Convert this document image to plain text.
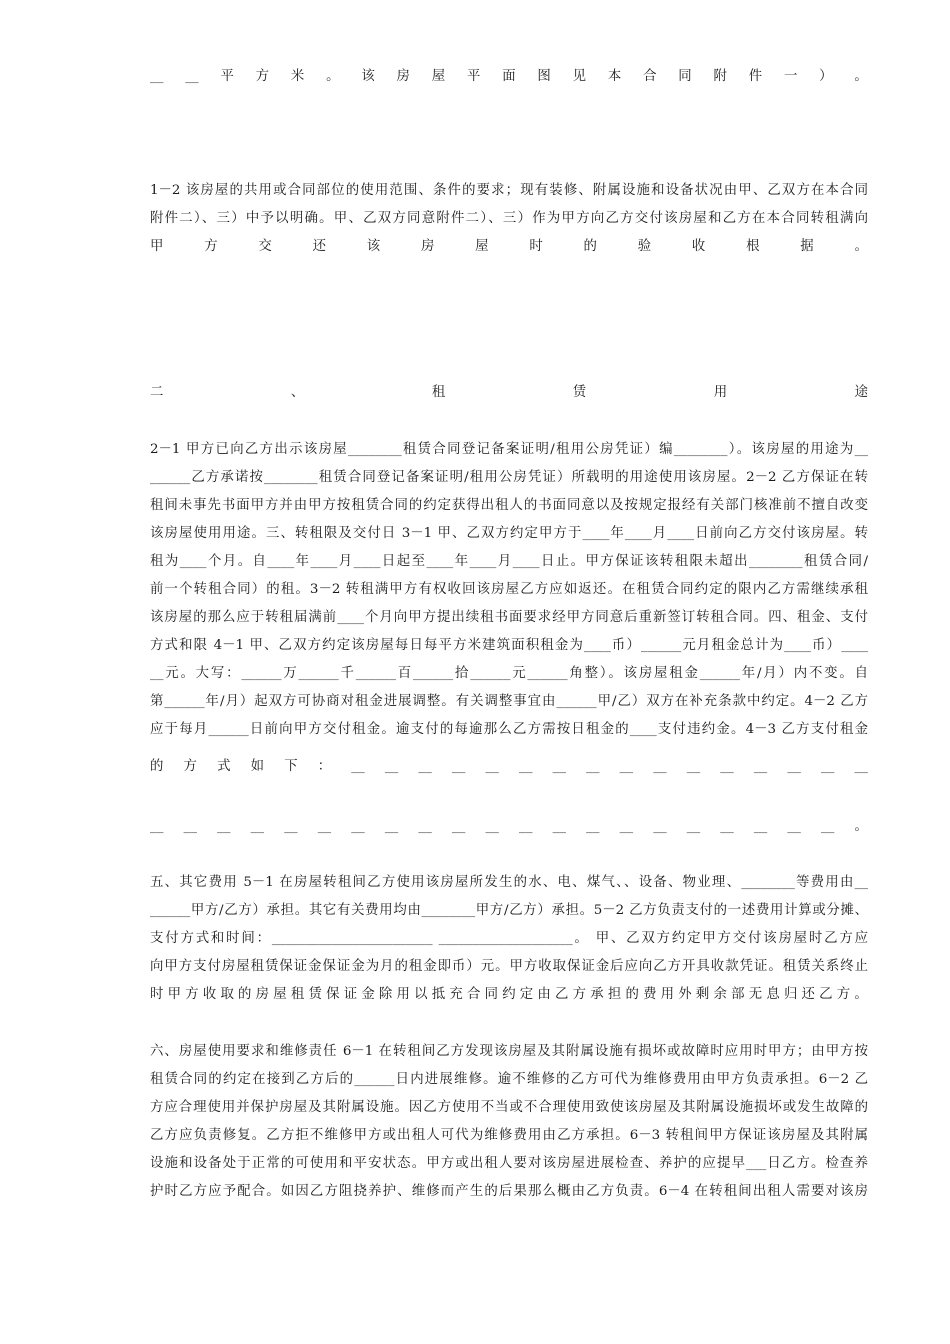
__ __ 平 方 米 。 该 房 屋 平 面 图 见 本 合 同 附 件 一 ） 。
甲	方	交	还	该	房	屋	时	的	验	收	根	据	。
二	、	租	赁	用	途
的 方 式 如 下 ： __ __ __ __ __ __ __ __ __ __ __ __ __ __ __ __
__ __ __ __ __ __ __ __ __ __ __ __ __ __ __ __ __ __ __ __ __ 。
时 甲 方 收 取 的 房 屋 租 赁 保 证 金 除 用 以 抵 充 合 同 约 定 由 乙 方 承 担 的 费 用 外 剩 余 部 无 息 归 还 乙 方 。
1－2 该房屋的共用或合同部位的使用范围、条件的要求；现有装修、附属设施和设备状况由甲、乙双方在本合同
附件二）、三）中予以明确。甲、乙双方同意附件二）、三）作为甲方向乙方交付该房屋和乙方在本合同转租满向
2－1 甲方已向乙方出示该房屋________租赁合同登记备案证明/租用公房凭证）编________）。该房屋的用途为__
______乙方承诺按________租赁合同登记备案证明/租用公房凭证）所载明的用途使用该房屋。2－2 乙方保证在转
租间未事先书面甲方并由甲方按租赁合同的约定获得出租人的书面同意以及按规定报经有关部门核准前不擅自改变
该房屋使用用途。三、转租限及交付日 3－1 甲、乙双方约定甲方于____年____月____日前向乙方交付该房屋。转
租为____个月。自____年____月____日起至____年____月____日止。甲方保证该转租限未超出________租赁合同/
前一个转租合同）的租。3－2 转租满甲方有权收回该房屋乙方应如返还。在租赁合同约定的限内乙方需继续承租
该房屋的那么应于转租届满前____个月向甲方提出续租书面要求经甲方同意后重新签订转租合同。四、租金、支付
方式和限 4－1 甲、乙双方约定该房屋每日每平方米建筑面积租金为____币）______元月租金总计为____币）____
__元。大写：______万______千______百______拾______元______角整）。该房屋租金______年/月）内不变。自
第______年/月）起双方可协商对租金进展调整。有关调整事宜由______甲/乙）双方在补充条款中约定。4－2 乙方
应于每月______日前向甲方交付租金。逾支付的每逾那么乙方需按日租金的____支付违约金。4－3 乙方支付租金
五、其它费用 5－1 在房屋转租间乙方使用该房屋所发生的水、电、煤气、、设备、物业理、________等费用由__
______甲方/乙方）承担。其它有关费用均由________甲方/乙方）承担。5－2 乙方负责支付的一述费用计算或分摊、
支付方式和时间：________________________ ____________________。 甲、乙双方约定甲方交付该房屋时乙方应
向甲方支付房屋租赁保证金保证金为月的租金即币）元。甲方收取保证金后应向乙方开具收款凭证。租赁关系终止
六、房屋使用要求和维修责任 6－1 在转租间乙方发现该房屋及其附属设施有损坏或故障时应用时甲方；由甲方按
租赁合同的约定在接到乙方后的______日内进展维修。逾不维修的乙方可代为维修费用由甲方负责承担。6－2 乙
方应合理使用并保护房屋及其附属设施。因乙方使用不当或不合理使用致使该房屋及其附属设施损坏或发生故障的
乙方应负责修复。乙方拒不维修甲方或出租人可代为维修费用由乙方承担。6－3 转租间甲方保证该房屋及其附属
设施和设备处于正常的可使用和平安状态。甲方或出租人要对该房屋进展检查、养护的应提早___日乙方。检查养
护时乙方应予配合。如因乙方阻挠养护、维修而产生的后果那么概由乙方负责。6－4 在转租间出租人需要对该房
